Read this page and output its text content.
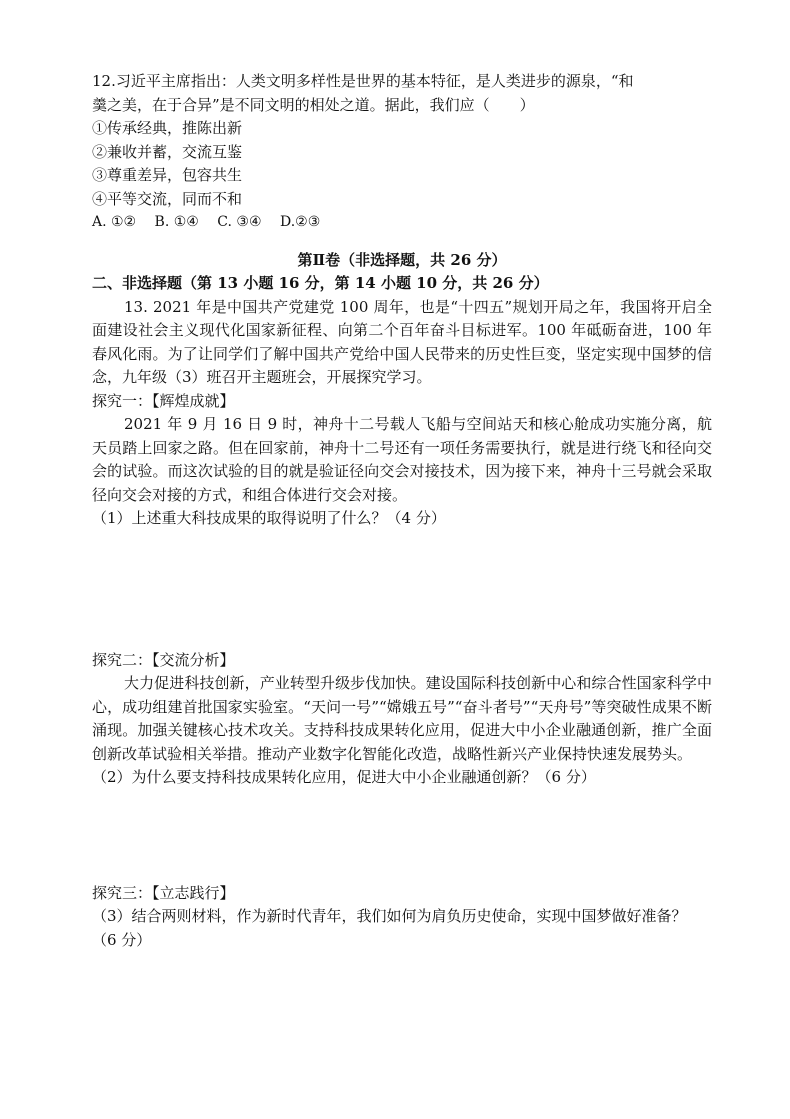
12.习近平主席指出：人类文明多样性是世界的基本特征，是人类进步的源泉，“和
羹之美，在于合异”是不同文明的相处之道。据此，我们应（　　）
①传承经典，推陈出新
②兼收并蓄，交流互鉴
③尊重差异，包容共生
④平等交流，同而不和
A. ①②　 B. ①④　 C. ③④　 D.②③
第Ⅱ卷（非选择题，共 26 分）
二、非选择题（第 13 小题 16 分，第 14 小题 10 分，共 26 分）
13. 2021 年是中国共产党建党 100 周年，也是“十四五”规划开局之年，我国将开启全面建设社会主义现代化国家新征程、向第二个百年奋斗目标进军。100 年砥砺奋进，100 年春风化雨。为了让同学们了解中国共产党给中国人民带来的历史性巨变，坚定实现中国梦的信念，九年级（3）班召开主题班会，开展探究学习。
探究一：【辉煌成就】
2021 年 9 月 16 日 9 时，神舟十二号载人飞船与空间站天和核心舱成功实施分离，航天员踏上回家之路。但在回家前，神舟十二号还有一项任务需要执行，就是进行绕飞和径向交会的试验。而这次试验的目的就是验证径向交会对接技术，因为接下来，神舟十三号就会采取径向交会对接的方式，和组合体进行交会对接。
（1）上述重大科技成果的取得说明了什么？（4 分）
探究二：【交流分析】
大力促进科技创新，产业转型升级步伐加快。建设国际科技创新中心和综合性国家科学中心，成功组建首批国家实验室。“天问一号”“嫦娥五号”“奋斗者号”“天舟号”等突破性成果不断涌现。加强关键核心技术攻关。支持科技成果转化应用，促进大中小企业融通创新，推广全面创新改革试验相关举措。推动产业数字化智能化改造，战略性新兴产业保持快速发展势头。
（2）为什么要支持科技成果转化应用，促进大中小企业融通创新？（6 分）
探究三：【立志践行】
（3）结合两则材料，作为新时代青年，我们如何为肩负历史使命，实现中国梦做好准备？
（6 分）
